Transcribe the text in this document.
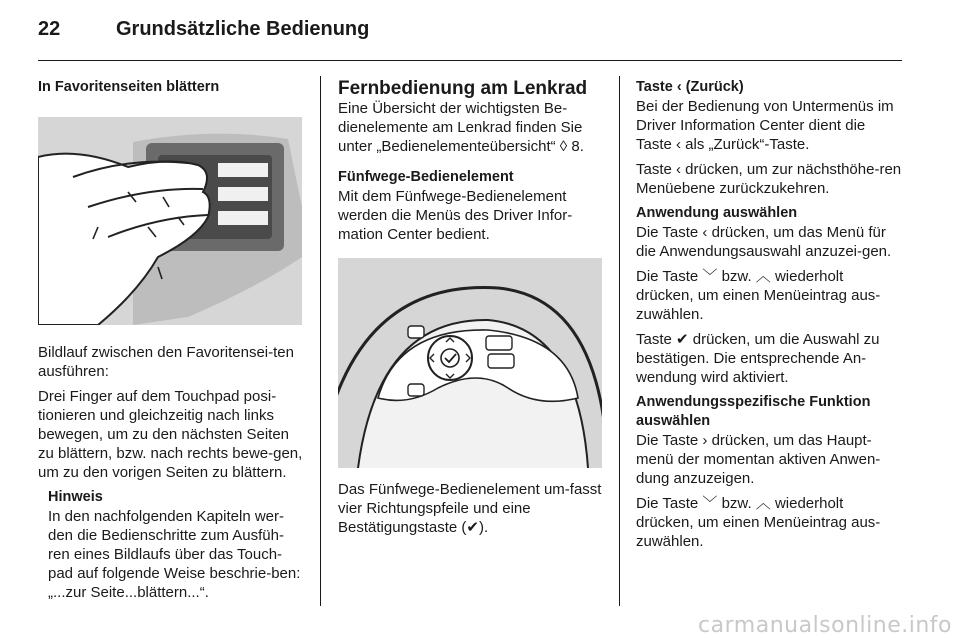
22	Grundsätzliche Bedienung
In Favoritenseiten blättern

Bildlauf zwischen den Favoritensei-ten ausführen:

Drei Finger auf dem Touchpad posi-tionieren und gleichzeitig nach links bewegen, um zu den nächsten Seiten zu blättern, bzw. nach rechts bewe-gen, um zu den vorigen Seiten zu blättern.

Hinweis
In den nachfolgenden Kapiteln wer-den die Bedienschritte zum Ausfüh-ren eines Bildlaufs über das Touch-pad auf folgende Weise beschrie-ben: „...zur Seite...blättern...“.
Fernbedienung am Lenkrad

Eine Übersicht der wichtigsten Be-dienelemente am Lenkrad finden Sie unter „Bedienelementeübersicht“ ◊ 8.

Fünfwege-Bedienelement

Mit dem Fünfwege-Bedienelement werden die Menüs des Driver Infor-mation Center bedient.

Das Fünfwege-Bedienelement um-fasst vier Richtungspfeile und eine Bestätigungstaste (✔).

Taste ‹ (Zurück)

Bei der Bedienung von Untermenüs im Driver Information Center dient die Taste ‹ als „Zurück“-Taste.

Taste ‹ drücken, um zur nächsthöhe-ren Menüebene zurückzukehren.

Anwendung auswählen

Die Taste ‹ drücken, um das Menü für die Anwendungsauswahl anzuzei-gen.

Die Taste ﹀ bzw. ︿ wiederholt drücken, um einen Menüeintrag aus-zuwählen.

Taste ✔ drücken, um die Auswahl zu bestätigen. Die entsprechende An-wendung wird aktiviert.

Anwendungsspezifische Funktion auswählen

Die Taste › drücken, um das Haupt-menü der momentan aktiven Anwen-dung anzuzeigen.

Die Taste ﹀ bzw. ︿ wiederholt drücken, um einen Menüeintrag aus-zuwählen.

carmanualsonline.info
